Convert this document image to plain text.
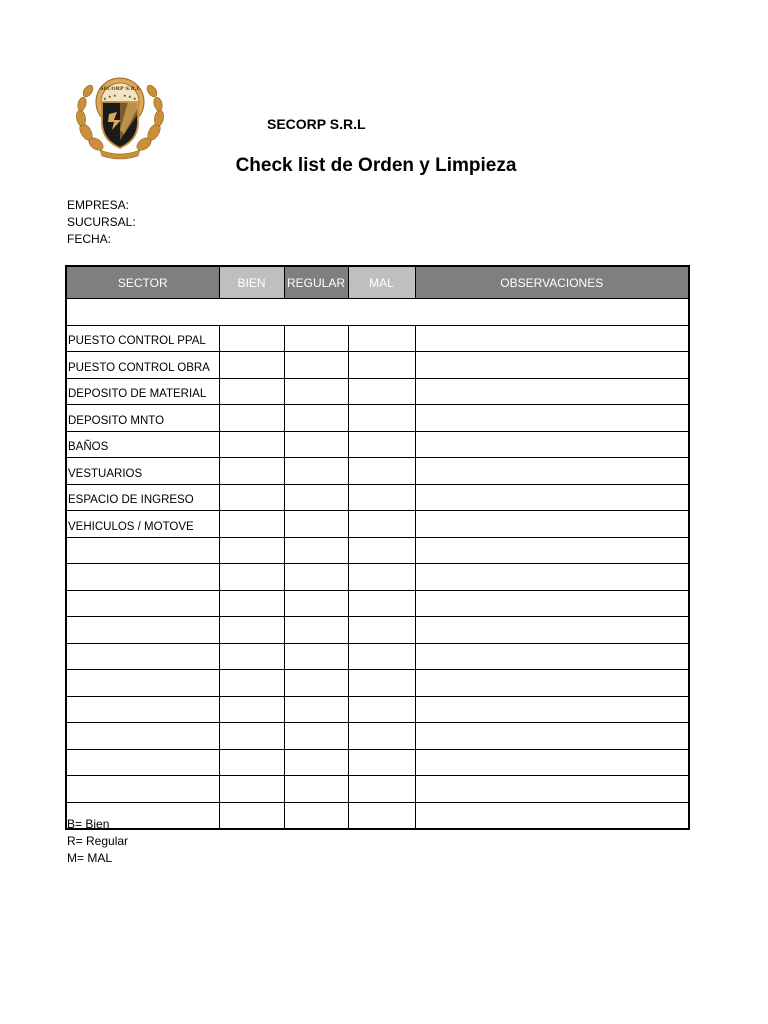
SECORP S.R.L
★ ★ ★ ★ ★ ★
SECORP S.R.L
Check list de Orden y Limpieza
EMPRESA:
SUCURSAL:
FECHA:
SECTOR	BIEN	REGULAR	MAL	OBSERVACIONES

PUESTO CONTROL PPAL				
PUESTO CONTROL OBRA				
DEPOSITO DE MATERIAL				
DEPOSITO MNTO				
BAÑOS				
VESTUARIOS				
ESPACIO DE INGRESO				
VEHICULOS / MOTOVE				

B= Bien
R= Regular
M= MAL
